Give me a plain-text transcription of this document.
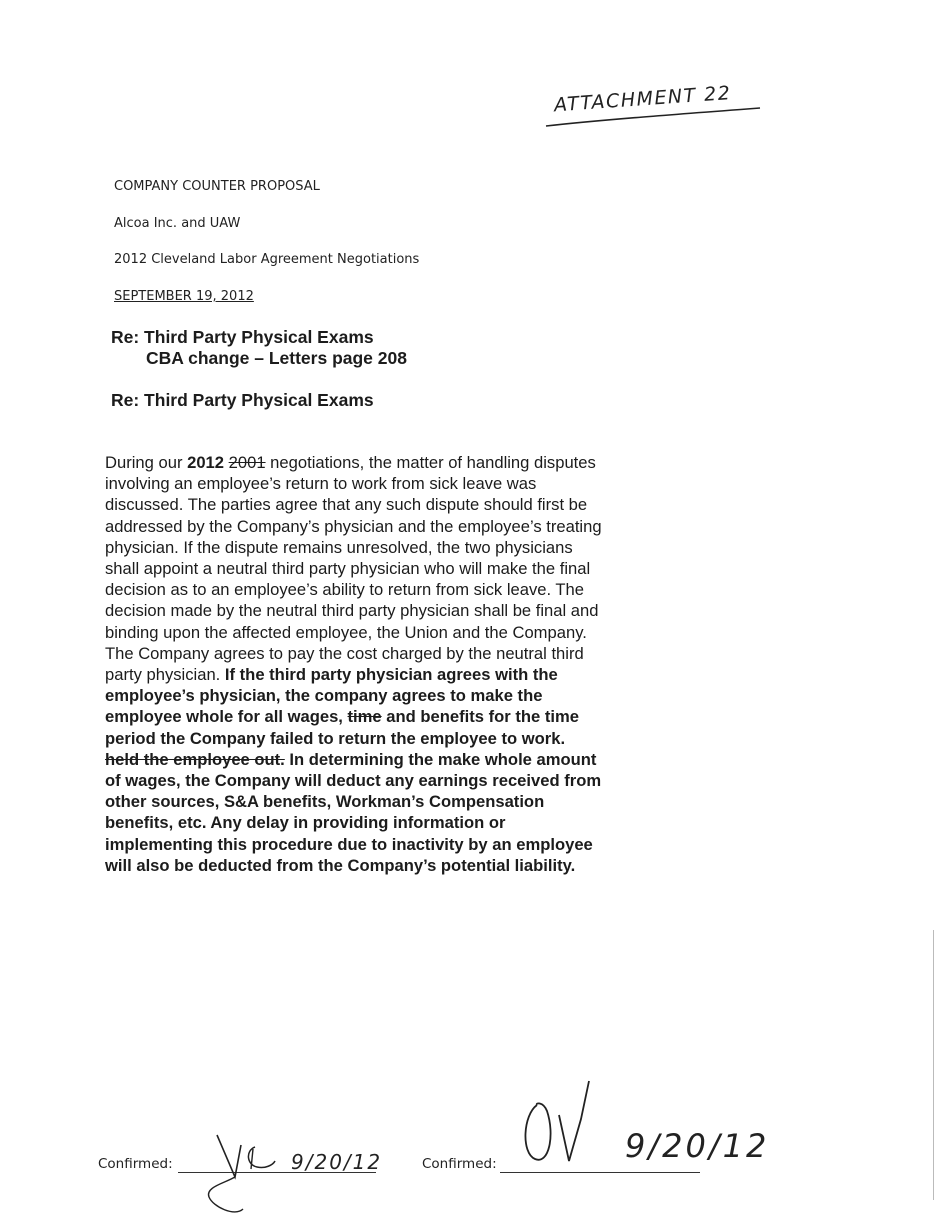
ATTACHMENT 22
COMPANY COUNTER PROPOSAL
Alcoa Inc. and UAW
2012 Cleveland Labor Agreement Negotiations
SEPTEMBER 19, 2012
Re: Third Party Physical Exams
CBA change – Letters page 208
Re: Third Party Physical Exams
During our 2012 2001 negotiations, the matter of handling disputes
involving an employee’s return to work from sick leave was
discussed. The parties agree that any such dispute should first be
addressed by the Company’s physician and the employee’s treating
physician. If the dispute remains unresolved, the two physicians
shall appoint a neutral third party physician who will make the final
decision as to an employee’s ability to return from sick leave. The
decision made by the neutral third party physician shall be final and
binding upon the affected employee, the Union and the Company.
The Company agrees to pay the cost charged by the neutral third
party physician. If the third party physician agrees with the
employee’s physician, the company agrees to make the
employee whole for all wages, time and benefits for the time
period the Company failed to return the employee to work.
held the employee out. In determining the make whole amount
of wages, the Company will deduct any earnings received from
other sources, S&A benefits, Workman’s Compensation
benefits, etc. Any delay in providing information or
implementing this procedure due to inactivity by an employee
will also be deducted from the Company’s potential liability.
Confirmed:	9/20/12	Confirmed:	9/20/12
